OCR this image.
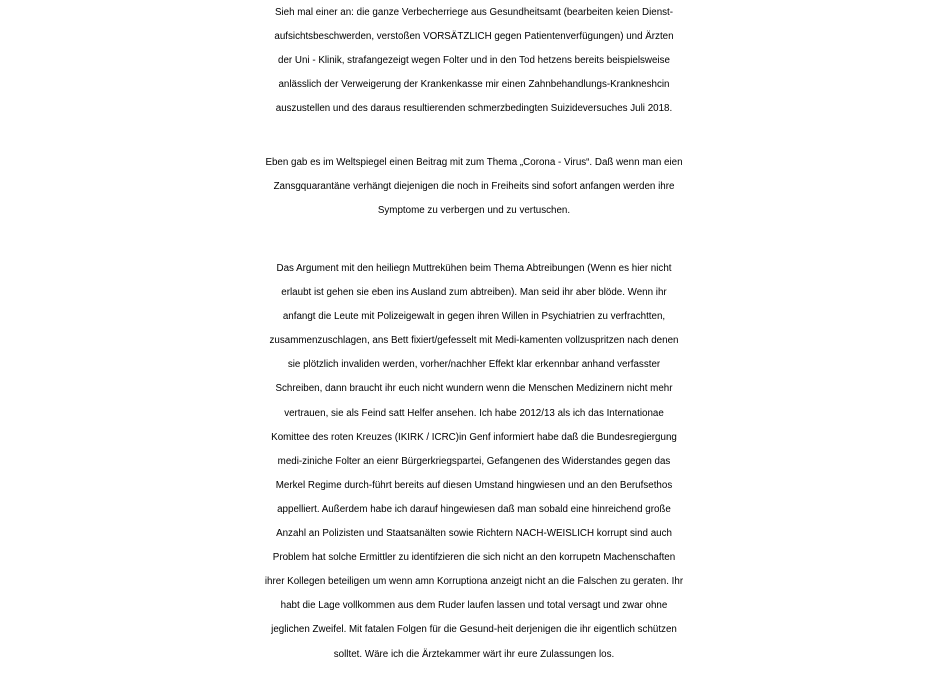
Sieh mal einer an: die ganze Verbecherriege aus Gesundheitsamt (bearbeiten keien Dienst-
aufsichtsbeschwerden, verstoßen VORSÄTZLICH gegen Patientenverfügungen) und Ärzten
der Uni - Klinik, strafangezeigt wegen Folter und in den Tod hetzens bereits beispielsweise
anlässlich der Verweigerung der Krankenkasse mir einen Zahnbehandlungs-Krankneshcin
auszustellen und des daraus resultierenden schmerzbedingten Suizideversuches Juli 2018.
Eben gab es im Weltspiegel einen Beitrag mit zum Thema „Corona - Virus“. Daß wenn man eien
Zansgquarantäne verhängt diejenigen die noch in Freiheits sind sofort anfangen werden ihre
Symptome zu verbergen und zu vertuschen.
Das Argument mit den heiliegn Muttrekühen beim Thema Abtreibungen (Wenn es hier nicht
erlaubt ist gehen sie eben ins Ausland zum abtreiben). Man seid ihr aber blöde. Wenn ihr
anfangt die Leute mit Polizeigewalt in gegen ihren Willen in Psychiatrien zu verfrachtten,
zusammenzuschlagen, ans Bett fixiert/gefesselt mit Medi-kamenten vollzuspritzen nach denen
sie plötzlich invaliden werden, vorher/nachher Effekt klar erkennbar anhand verfasster
Schreiben, dann braucht ihr euch nicht wundern wenn die Menschen Medizinern nicht mehr
vertrauen, sie als Feind satt Helfer ansehen. Ich habe 2012/13 als ich das Internationae
Komittee des roten Kreuzes (IKIRK / ICRC)in Genf informiert habe daß die Bundesregiergung
medi-ziniche Folter an eienr Bürgerkriegspartei, Gefangenen des Widerstandes gegen das
Merkel Regime durch-führt bereits auf diesen Umstand hingwiesen und an den Berufsethos
appelliert. Außerdem habe ich darauf hingewiesen daß man sobald eine hinreichend große
Anzahl an Polizisten und Staatsanälten sowie Richtern NACH-WEISLICH korrupt sind auch
Problem hat solche Ermittler zu identifzieren die sich nicht an den korrupetn Machenschaften
ihrer Kollegen beteiligen um wenn amn Korruptiona anzeigt nicht an die Falschen zu geraten. Ihr
habt die Lage vollkommen aus dem Ruder laufen lassen und total versagt und zwar ohne
jeglichen Zweifel. Mit fatalen Folgen für die Gesund-heit derjenigen die ihr eigentlich schützen
solltet. Wäre ich die Ärztekammer wärt ihr eure Zulassungen los.
